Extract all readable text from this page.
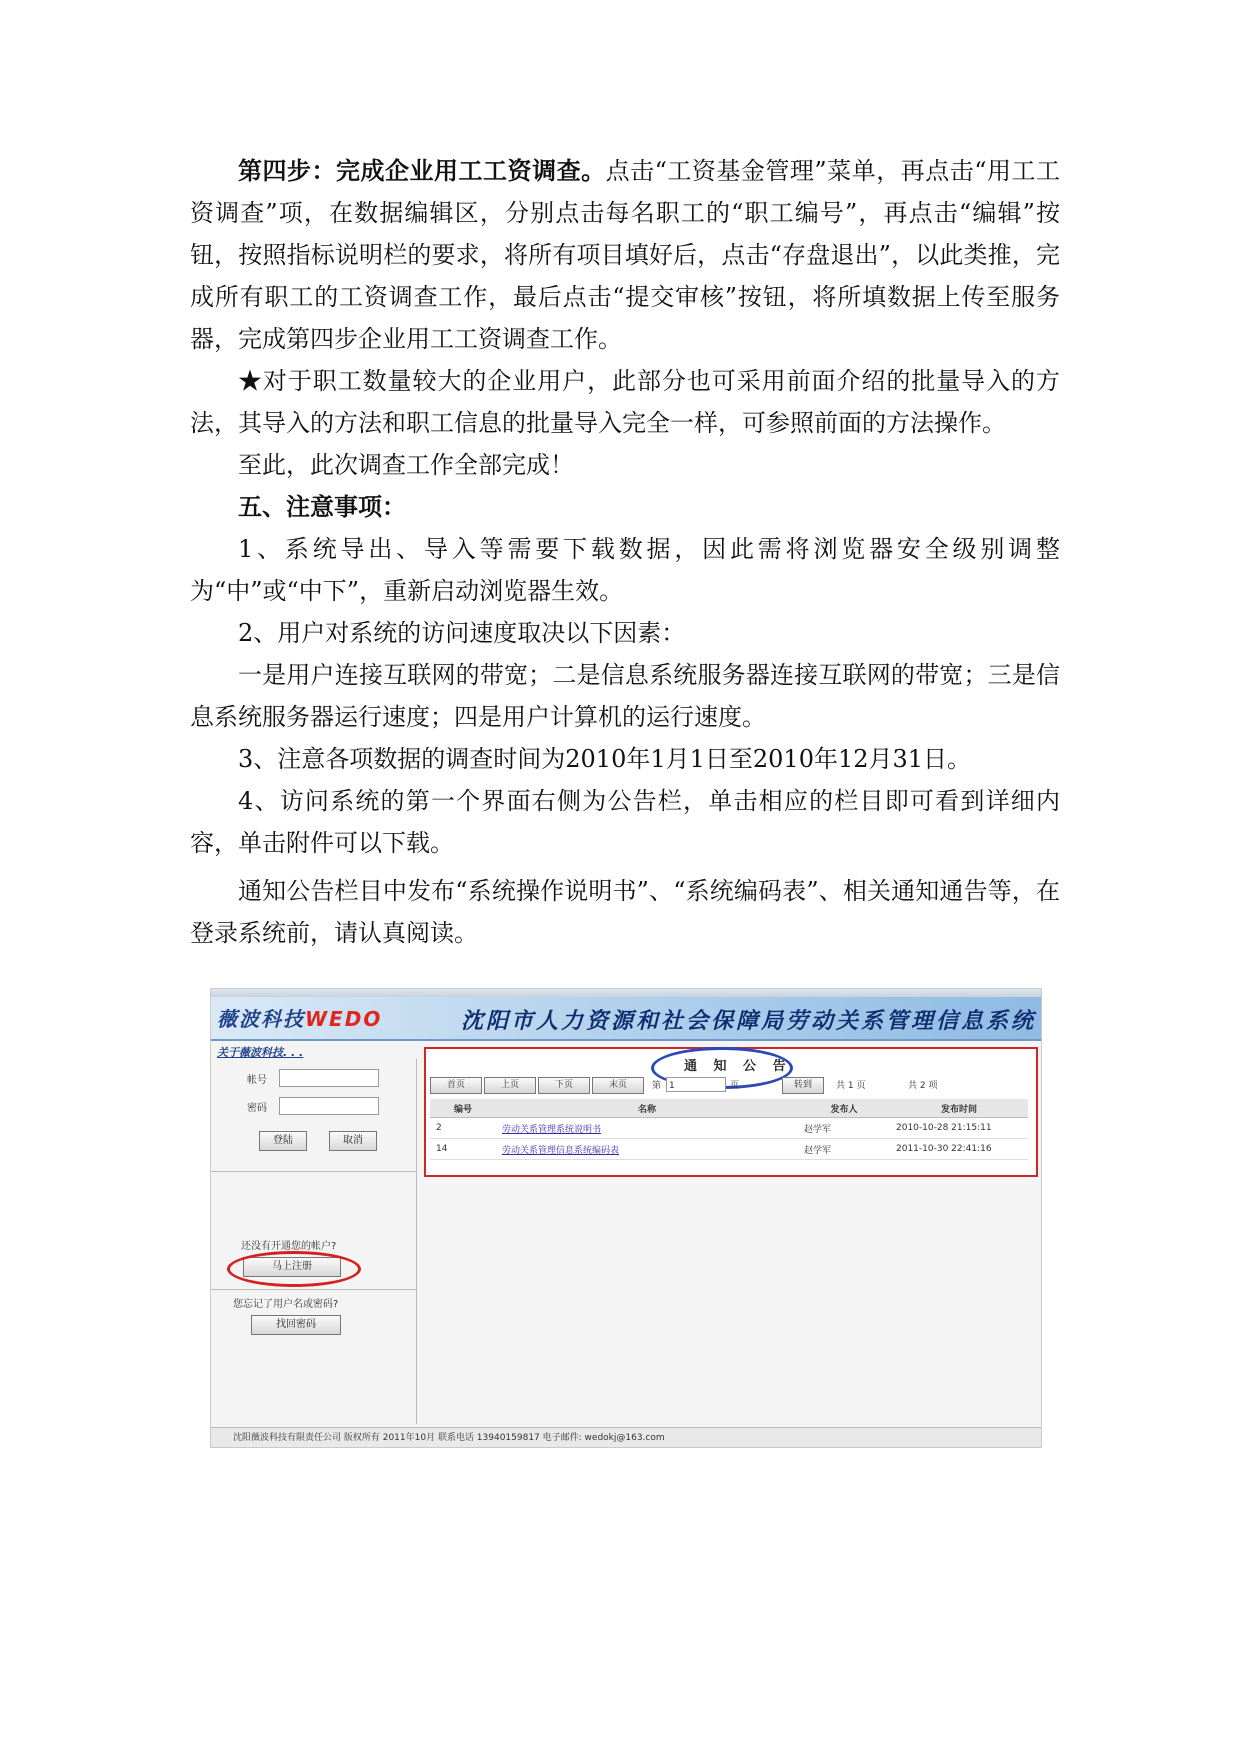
第四步：完成企业用工工资调查。点击“工资基金管理”菜单，再点击“用工工资调查”项，在数据编辑区，分别点击每名职工的“职工编号”，再点击“编辑”按钮，按照指标说明栏的要求，将所有项目填好后，点击“存盘退出”，以此类推，完成所有职工的工资调查工作，最后点击“提交审核”按钮，将所填数据上传至服务器，完成第四步企业用工工资调查工作。

★对于职工数量较大的企业用户，此部分也可采用前面介绍的批量导入的方法，其导入的方法和职工信息的批量导入完全一样，可参照前面的方法操作。

至此，此次调查工作全部完成！

五、注意事项：

1、系统导出、导入等需要下载数据，因此需将浏览器安全级别调整为“中”或“中下”，重新启动浏览器生效。

2、用户对系统的访问速度取决以下因素：

一是用户连接互联网的带宽；二是信息系统服务器连接互联网的带宽；三是信息系统服务器运行速度；四是用户计算机的运行速度。

3、注意各项数据的调查时间为2010年1月1日至2010年12月31日。

4、访问系统的第一个界面右侧为公告栏，单击相应的栏目即可看到详细内容，单击附件可以下载。

通知公告栏目中发布“系统操作说明书”、“系统编码表”、相关通知通告等，在登录系统前，请认真阅读。

薇波科技WEDO	沈阳市人力资源和社会保障局劳动关系管理信息系统
关于薇波科技. . .
帐号
密码
登陆	取消
还没有开通您的帐户?
马上注册
您忘记了用户名或密码?
找回密码
通 知 公 告
首页	上页	下页	末页	第 1	页	转到	共 1 页	共 2 项
编号	名称	发布人	发布时间
2	劳动关系管理系统说明书	赵学军	2010-10-28 21:15:11
14	劳动关系管理信息系统编码表	赵学军	2011-10-30 22:41:16
沈阳薇波科技有限责任公司 版权所有 2011年10月 联系电话 13940159817 电子邮件: wedokj@163.com
